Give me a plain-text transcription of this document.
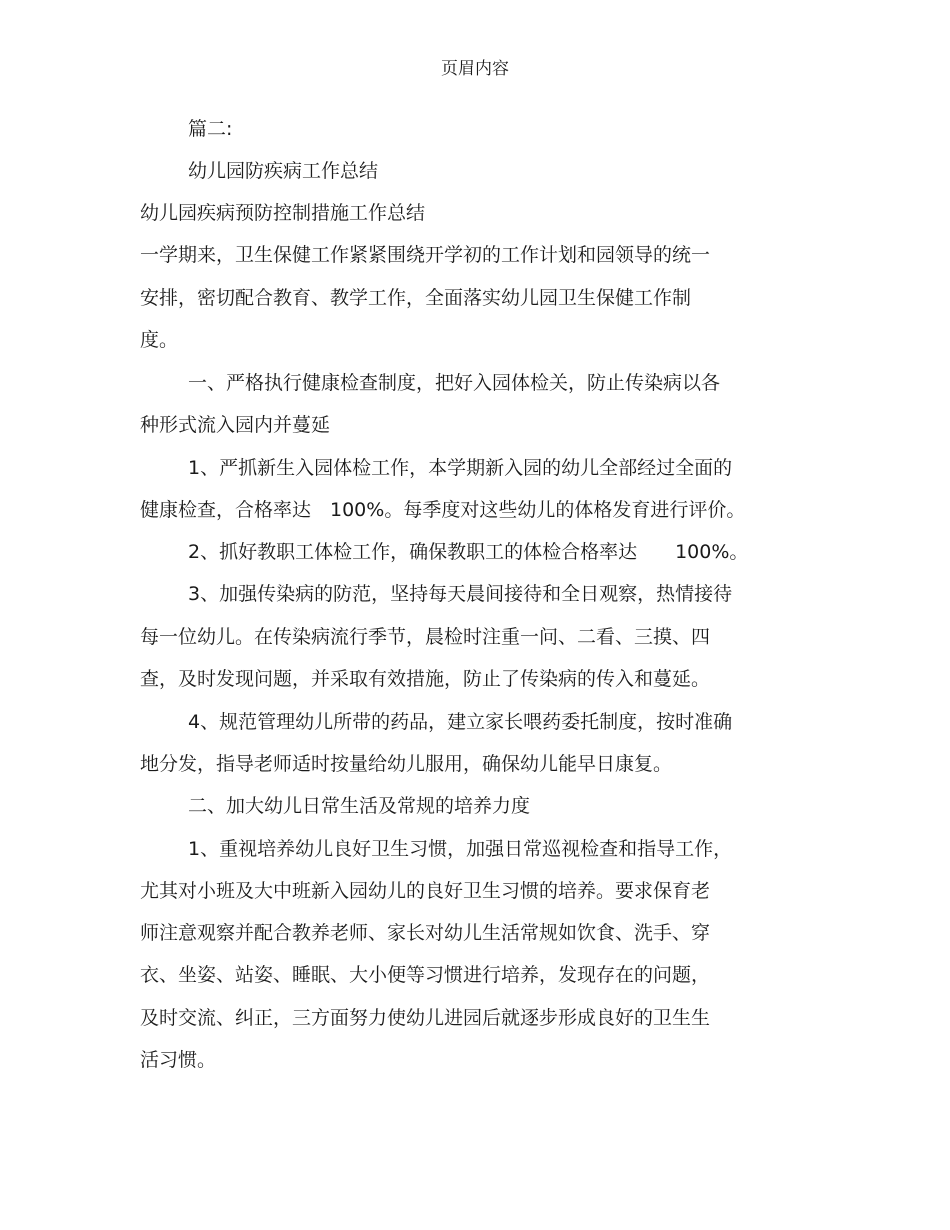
页眉内容
篇二:
幼儿园防疾病工作总结
幼儿园疾病预防控制措施工作总结
一学期来，卫生保健工作紧紧围绕开学初的工作计划和园领导的统一
安排，密切配合教育、教学工作，全面落实幼儿园卫生保健工作制
度。
一、严格执行健康检查制度，把好入园体检关，防止传染病以各
种形式流入园内并蔓延
1、严抓新生入园体检工作，本学期新入园的幼儿全部经过全面的
健康检查，合格率达　100%。每季度对这些幼儿的体格发育进行评价。
2、抓好教职工体检工作，确保教职工的体检合格率达　　100%。
3、加强传染病的防范，坚持每天晨间接待和全日观察，热情接待
每一位幼儿。在传染病流行季节，晨检时注重一问、二看、三摸、四
查，及时发现问题，并采取有效措施，防止了传染病的传入和蔓延。
4、规范管理幼儿所带的药品，建立家长喂药委托制度，按时准确
地分发，指导老师适时按量给幼儿服用，确保幼儿能早日康复。
二、加大幼儿日常生活及常规的培养力度
1、重视培养幼儿良好卫生习惯，加强日常巡视检查和指导工作，
尤其对小班及大中班新入园幼儿的良好卫生习惯的培养。要求保育老
师注意观察并配合教养老师、家长对幼儿生活常规如饮食、洗手、穿
衣、坐姿、站姿、睡眠、大小便等习惯进行培养，发现存在的问题，
及时交流、纠正，三方面努力使幼儿进园后就逐步形成良好的卫生生
活习惯。
